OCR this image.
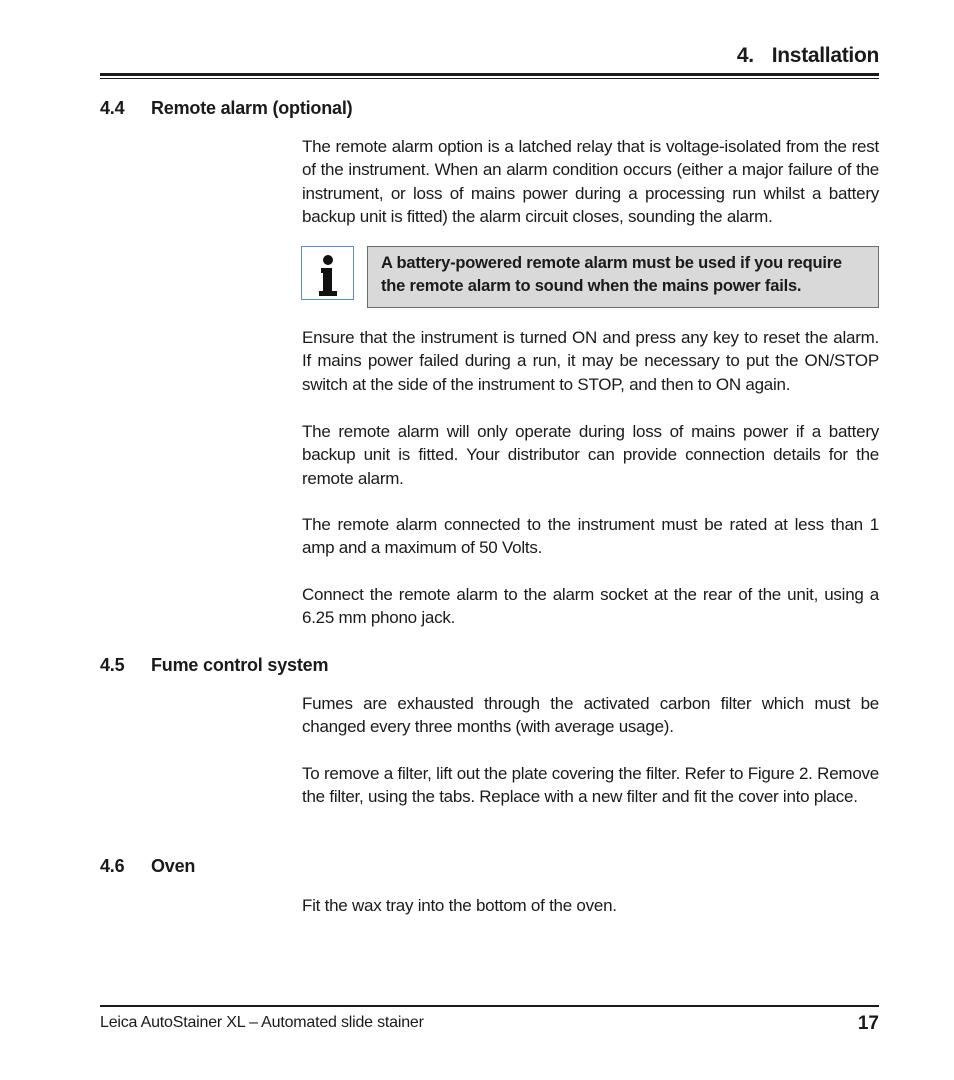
4. Installation
4.4 Remote alarm (optional)

The remote alarm option is a latched relay that is voltage-isolated from the rest of the instrument. When an alarm condition occurs (either a major failure of the instrument, or loss of mains power during a processing run whilst a battery backup unit is fitted) the alarm circuit closes, sounding the alarm.

A battery-powered remote alarm must be used if you require the remote alarm to sound when the mains power fails.

Ensure that the instrument is turned ON and press any key to reset the alarm. If mains power failed during a run, it may be necessary to put the ON/STOP switch at the side of the instrument to STOP, and then to ON again.

The remote alarm will only operate during loss of mains power if a battery backup unit is fitted. Your distributor can provide connection details for the remote alarm.

The remote alarm connected to the instrument must be rated at less than 1 amp and a maximum of 50 Volts.

Connect the remote alarm to the alarm socket at the rear of the unit, using a 6.25 mm phono jack.

4.5 Fume control system

Fumes are exhausted through the activated carbon filter which must be changed every three months (with average usage).

To remove a filter, lift out the plate covering the filter. Refer to Figure 2. Remove the filter, using the tabs. Replace with a new filter and fit the cover into place.

4.6 Oven

Fit the wax tray into the bottom of the oven.

Leica AutoStainer XL – Automated slide stainer	17
